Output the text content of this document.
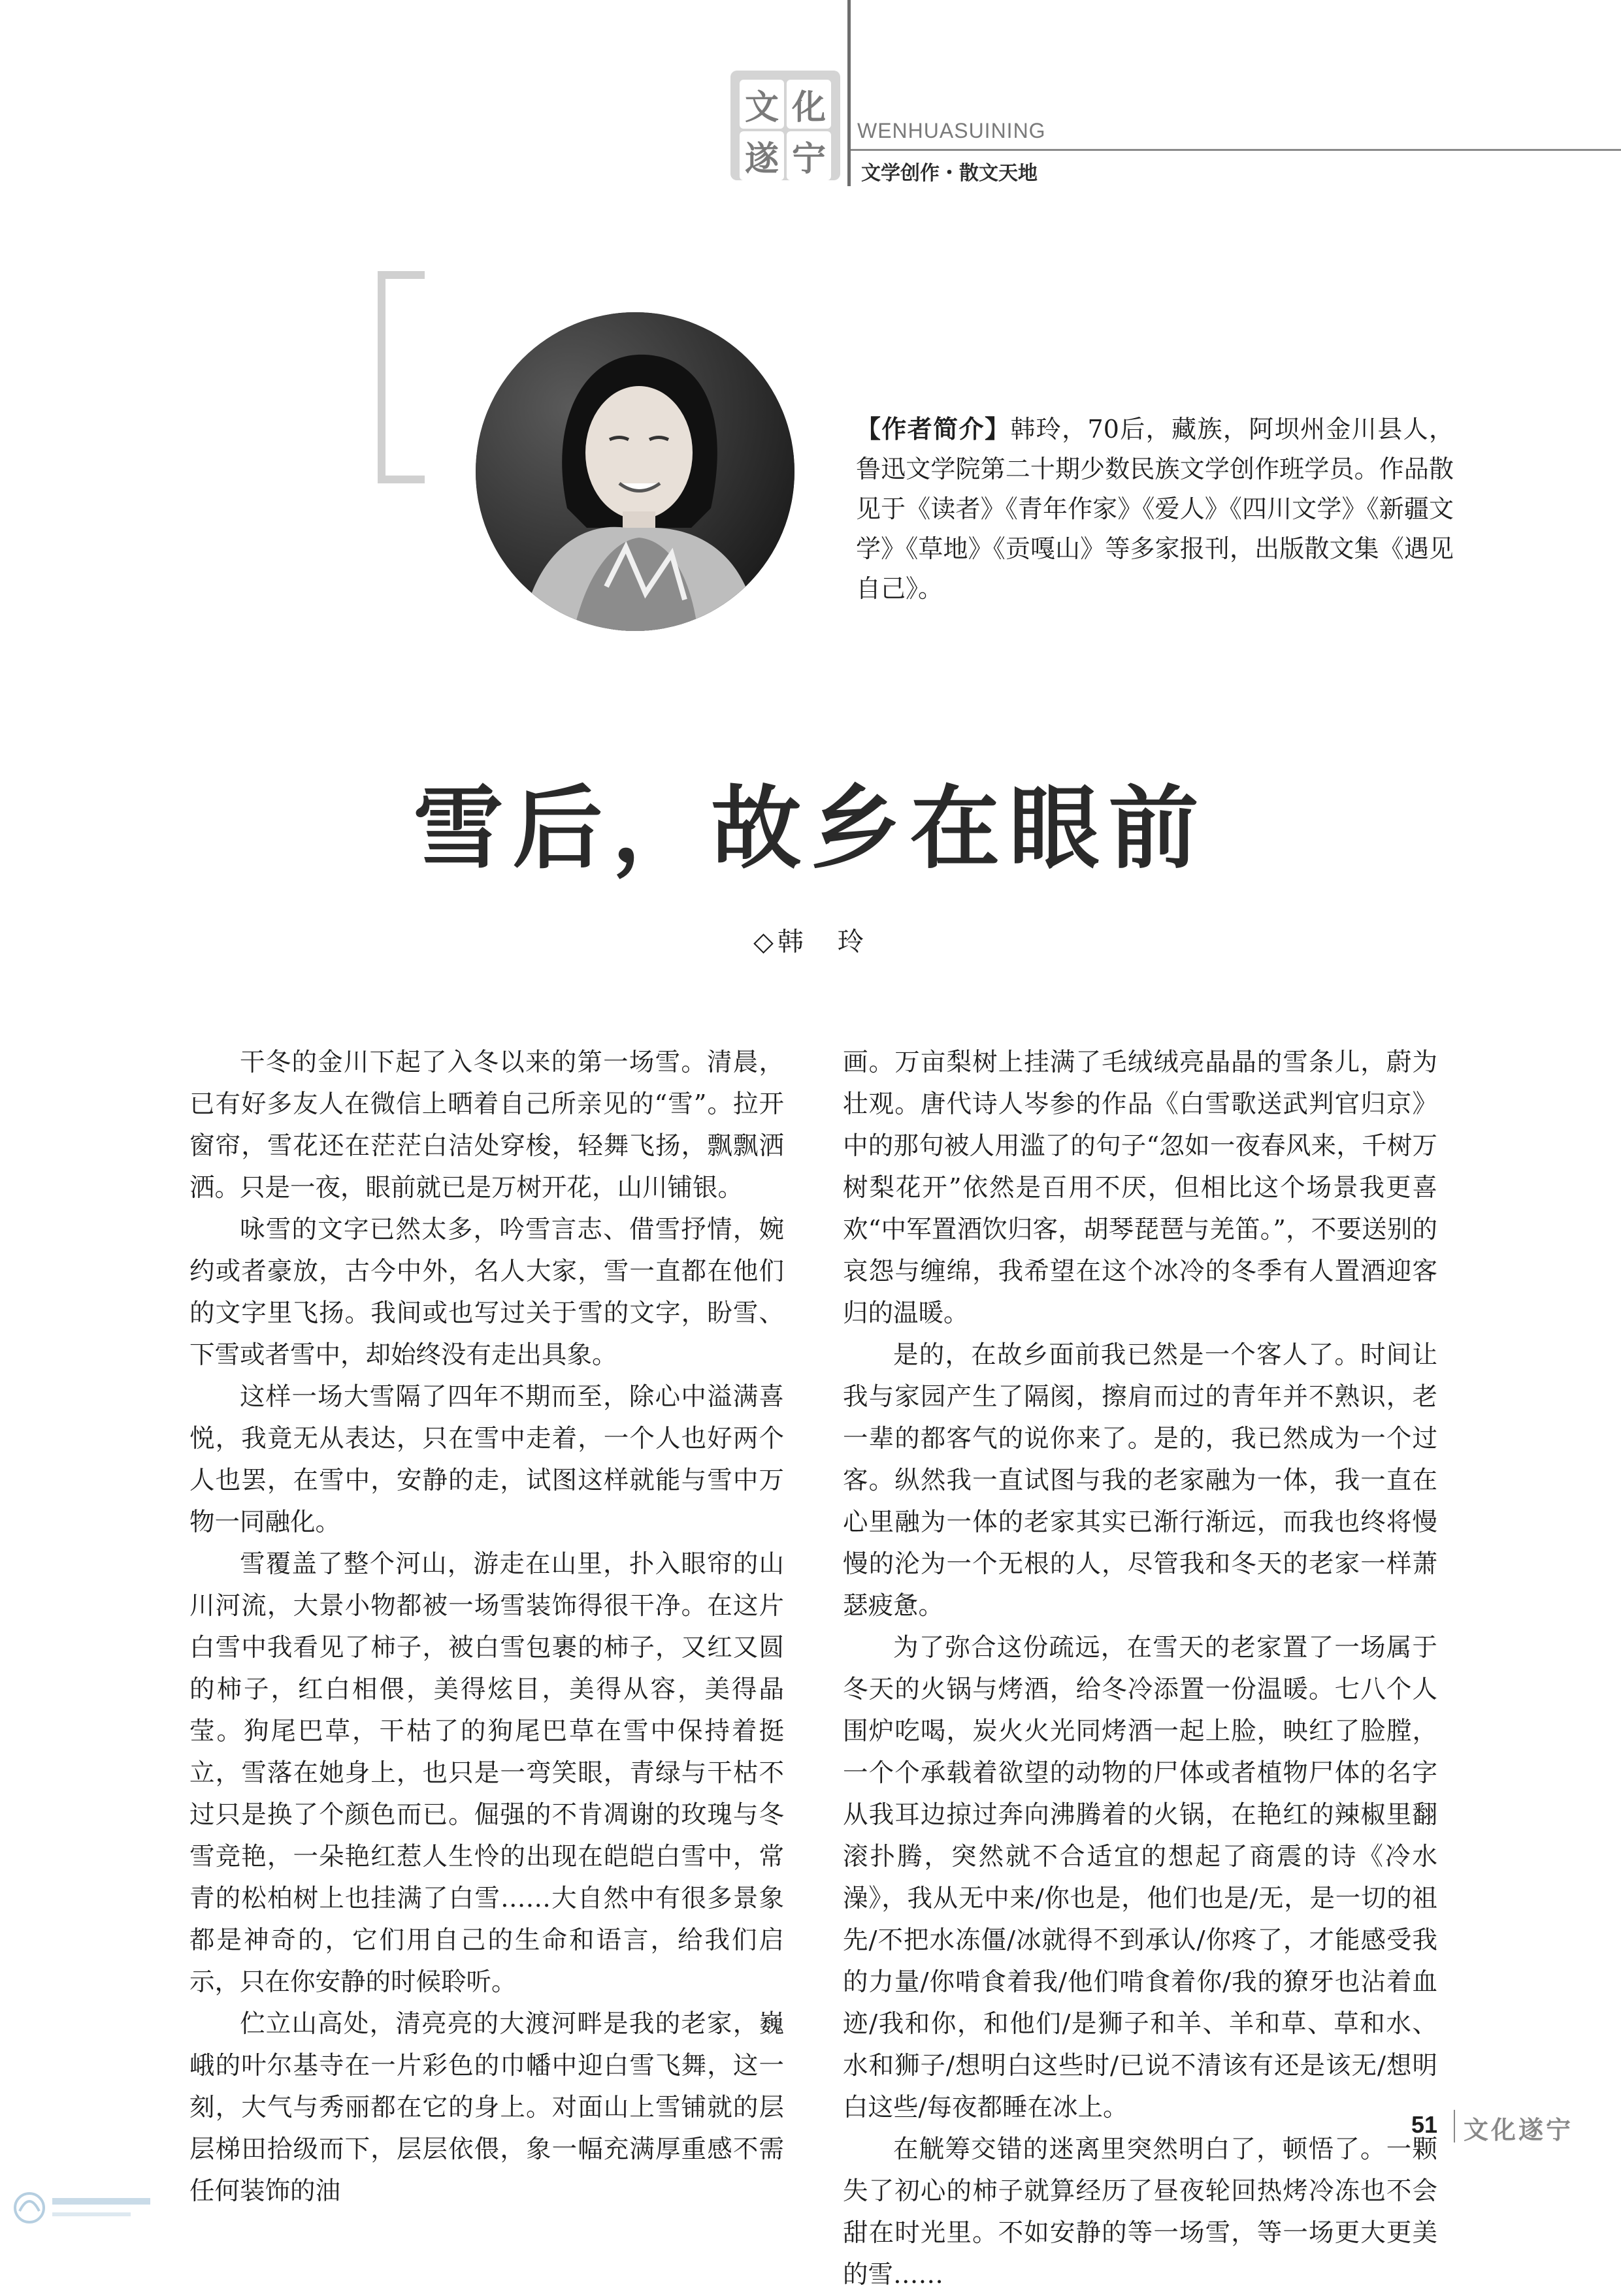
文 化
遂 宁
WENHUASUINING
文学创作・散文天地
【作者简介】韩玲，70后，藏族，阿坝州金川县人，鲁迅文学院第二十期少数民族文学创作班学员。作品散见于《读者》《青年作家》《爱人》《四川文学》《新疆文学》《草地》《贡嘎山》等多家报刊，出版散文集《遇见自己》。
雪后，故乡在眼前
◇韩　玲

干冬的金川下起了入冬以来的第一场雪。清晨，已有好多友人在微信上晒着自己所亲见的“雪”。拉开窗帘，雪花还在茫茫白洁处穿梭，轻舞飞扬，飘飘洒洒。只是一夜，眼前就已是万树开花，山川铺银。

咏雪的文字已然太多，吟雪言志、借雪抒情，婉约或者豪放，古今中外，名人大家，雪一直都在他们的文字里飞扬。我间或也写过关于雪的文字，盼雪、下雪或者雪中，却始终没有走出具象。

这样一场大雪隔了四年不期而至，除心中溢满喜悦，我竟无从表达，只在雪中走着，一个人也好两个人也罢，在雪中，安静的走，试图这样就能与雪中万物一同融化。

雪覆盖了整个河山，游走在山里，扑入眼帘的山川河流，大景小物都被一场雪装饰得很干净。在这片白雪中我看见了柿子，被白雪包裹的柿子，又红又圆的柿子，红白相偎，美得炫目，美得从容，美得晶莹。狗尾巴草，干枯了的狗尾巴草在雪中保持着挺立，雪落在她身上，也只是一弯笑眼，青绿与干枯不过只是换了个颜色而已。倔强的不肯凋谢的玫瑰与冬雪竞艳，一朵艳红惹人生怜的出现在皑皑白雪中，常青的松柏树上也挂满了白雪……大自然中有很多景象都是神奇的，它们用自己的生命和语言，给我们启示，只在你安静的时候聆听。

伫立山高处，清亮亮的大渡河畔是我的老家，巍峨的叶尔基寺在一片彩色的巾幡中迎白雪飞舞，这一刻，大气与秀丽都在它的身上。对面山上雪铺就的层层梯田拾级而下，层层依偎，象一幅充满厚重感不需任何装饰的油

画。万亩梨树上挂满了毛绒绒亮晶晶的雪条儿，蔚为壮观。唐代诗人岑参的作品《白雪歌送武判官归京》中的那句被人用滥了的句子“忽如一夜春风来，千树万树梨花开”依然是百用不厌，但相比这个场景我更喜欢“中军置酒饮归客，胡琴琵琶与羌笛。”，不要送别的哀怨与缠绵，我希望在这个冰冷的冬季有人置酒迎客归的温暖。

是的，在故乡面前我已然是一个客人了。时间让我与家园产生了隔阂，擦肩而过的青年并不熟识，老一辈的都客气的说你来了。是的，我已然成为一个过客。纵然我一直试图与我的老家融为一体，我一直在心里融为一体的老家其实已渐行渐远，而我也终将慢慢的沦为一个无根的人，尽管我和冬天的老家一样萧瑟疲惫。

为了弥合这份疏远，在雪天的老家置了一场属于冬天的火锅与烤酒，给冬冷添置一份温暖。七八个人围炉吃喝，炭火火光同烤酒一起上脸，映红了脸膛，一个个承载着欲望的动物的尸体或者植物尸体的名字从我耳边掠过奔向沸腾着的火锅，在艳红的辣椒里翻滚扑腾，突然就不合适宜的想起了商震的诗《冷水澡》，我从无中来/你也是，他们也是/无，是一切的祖先/不把水冻僵/冰就得不到承认/你疼了，才能感受我的力量/你啃食着我/他们啃食着你/我的獠牙也沾着血迹/我和你，和他们/是狮子和羊、羊和草、草和水、水和狮子/想明白这些时/已说不清该有还是该无/想明白这些/每夜都睡在冰上。

在觥筹交错的迷离里突然明白了，顿悟了。一颗失了初心的柿子就算经历了昼夜轮回热烤冷冻也不会甜在时光里。不如安静的等一场雪，等一场更大更美的雪……

51 文化遂宁
